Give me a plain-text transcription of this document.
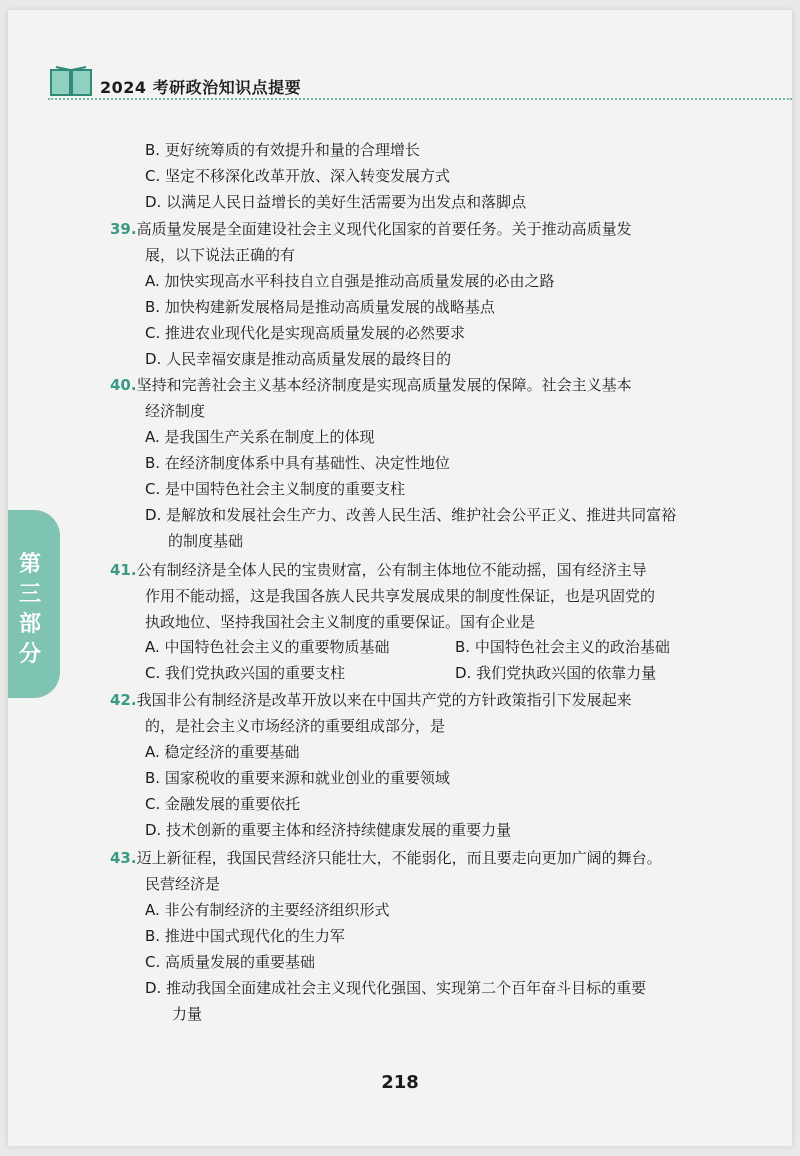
2024 考研政治知识点提要
第
三
部
分
B. 更好统筹质的有效提升和量的合理增长
C. 坚定不移深化改革开放、深入转变发展方式
D. 以满足人民日益增长的美好生活需要为出发点和落脚点
39.高质量发展是全面建设社会主义现代化国家的首要任务。关于推动高质量发
展，以下说法正确的有
A. 加快实现高水平科技自立自强是推动高质量发展的必由之路
B. 加快构建新发展格局是推动高质量发展的战略基点
C. 推进农业现代化是实现高质量发展的必然要求
D. 人民幸福安康是推动高质量发展的最终目的
40.坚持和完善社会主义基本经济制度是实现高质量发展的保障。社会主义基本
经济制度
A. 是我国生产关系在制度上的体现
B. 在经济制度体系中具有基础性、决定性地位
C. 是中国特色社会主义制度的重要支柱
D. 是解放和发展社会生产力、改善人民生活、维护社会公平正义、推进共同富裕
的制度基础
41.公有制经济是全体人民的宝贵财富，公有制主体地位不能动摇，国有经济主导
作用不能动摇，这是我国各族人民共享发展成果的制度性保证，也是巩固党的
执政地位、坚持我国社会主义制度的重要保证。国有企业是
A. 中国特色社会主义的重要物质基础	B. 中国特色社会主义的政治基础
C. 我们党执政兴国的重要支柱	D. 我们党执政兴国的依靠力量
42.我国非公有制经济是改革开放以来在中国共产党的方针政策指引下发展起来
的，是社会主义市场经济的重要组成部分，是
A. 稳定经济的重要基础
B. 国家税收的重要来源和就业创业的重要领域
C. 金融发展的重要依托
D. 技术创新的重要主体和经济持续健康发展的重要力量
43.迈上新征程，我国民营经济只能壮大，不能弱化，而且要走向更加广阔的舞台。
民营经济是
A. 非公有制经济的主要经济组织形式
B. 推进中国式现代化的生力军
C. 高质量发展的重要基础
D. 推动我国全面建成社会主义现代化强国、实现第二个百年奋斗目标的重要
力量
218
